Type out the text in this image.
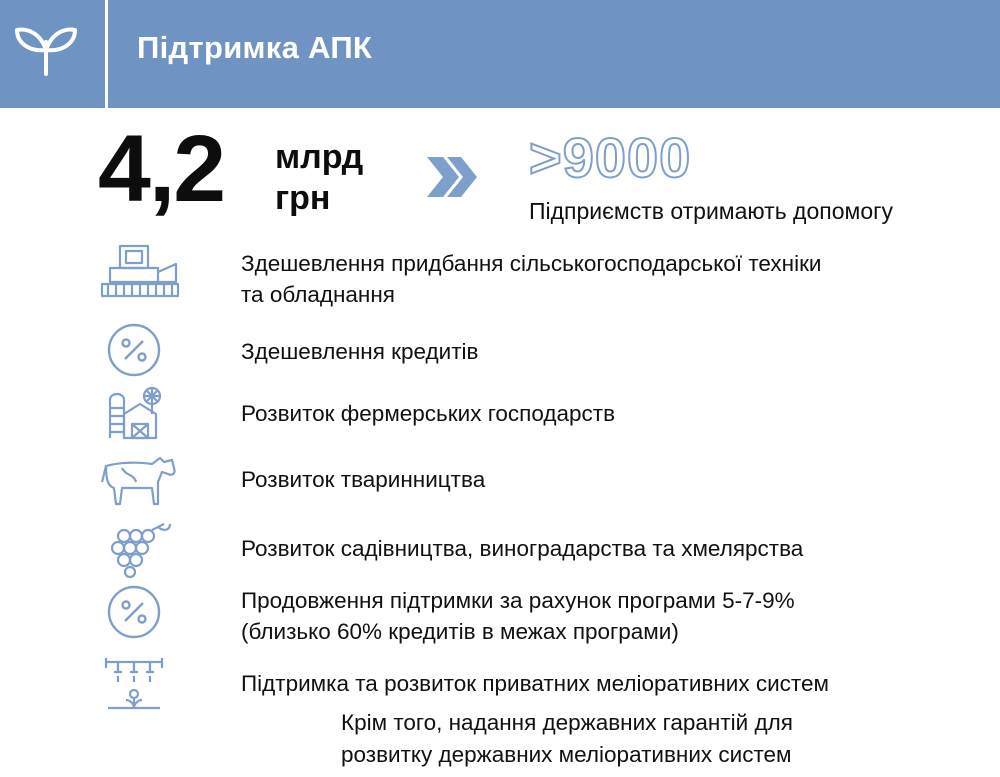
Підтримка АПК
4,2 млрд
грн
>9000
Підприємств отримають допомогу
Здешевлення придбання сільськогосподарської техніки
та обладнання
Здешевлення кредитів
Розвиток фермерських господарств
Розвиток тваринництва
Розвиток садівництва, виноградарства та хмелярства
Продовження підтримки за рахунок програми 5-7-9%
(близько 60% кредитів в межах програми)
Підтримка та розвиток приватних меліоративних систем
Крім того, надання державних гарантій для
розвитку державних меліоративних систем
